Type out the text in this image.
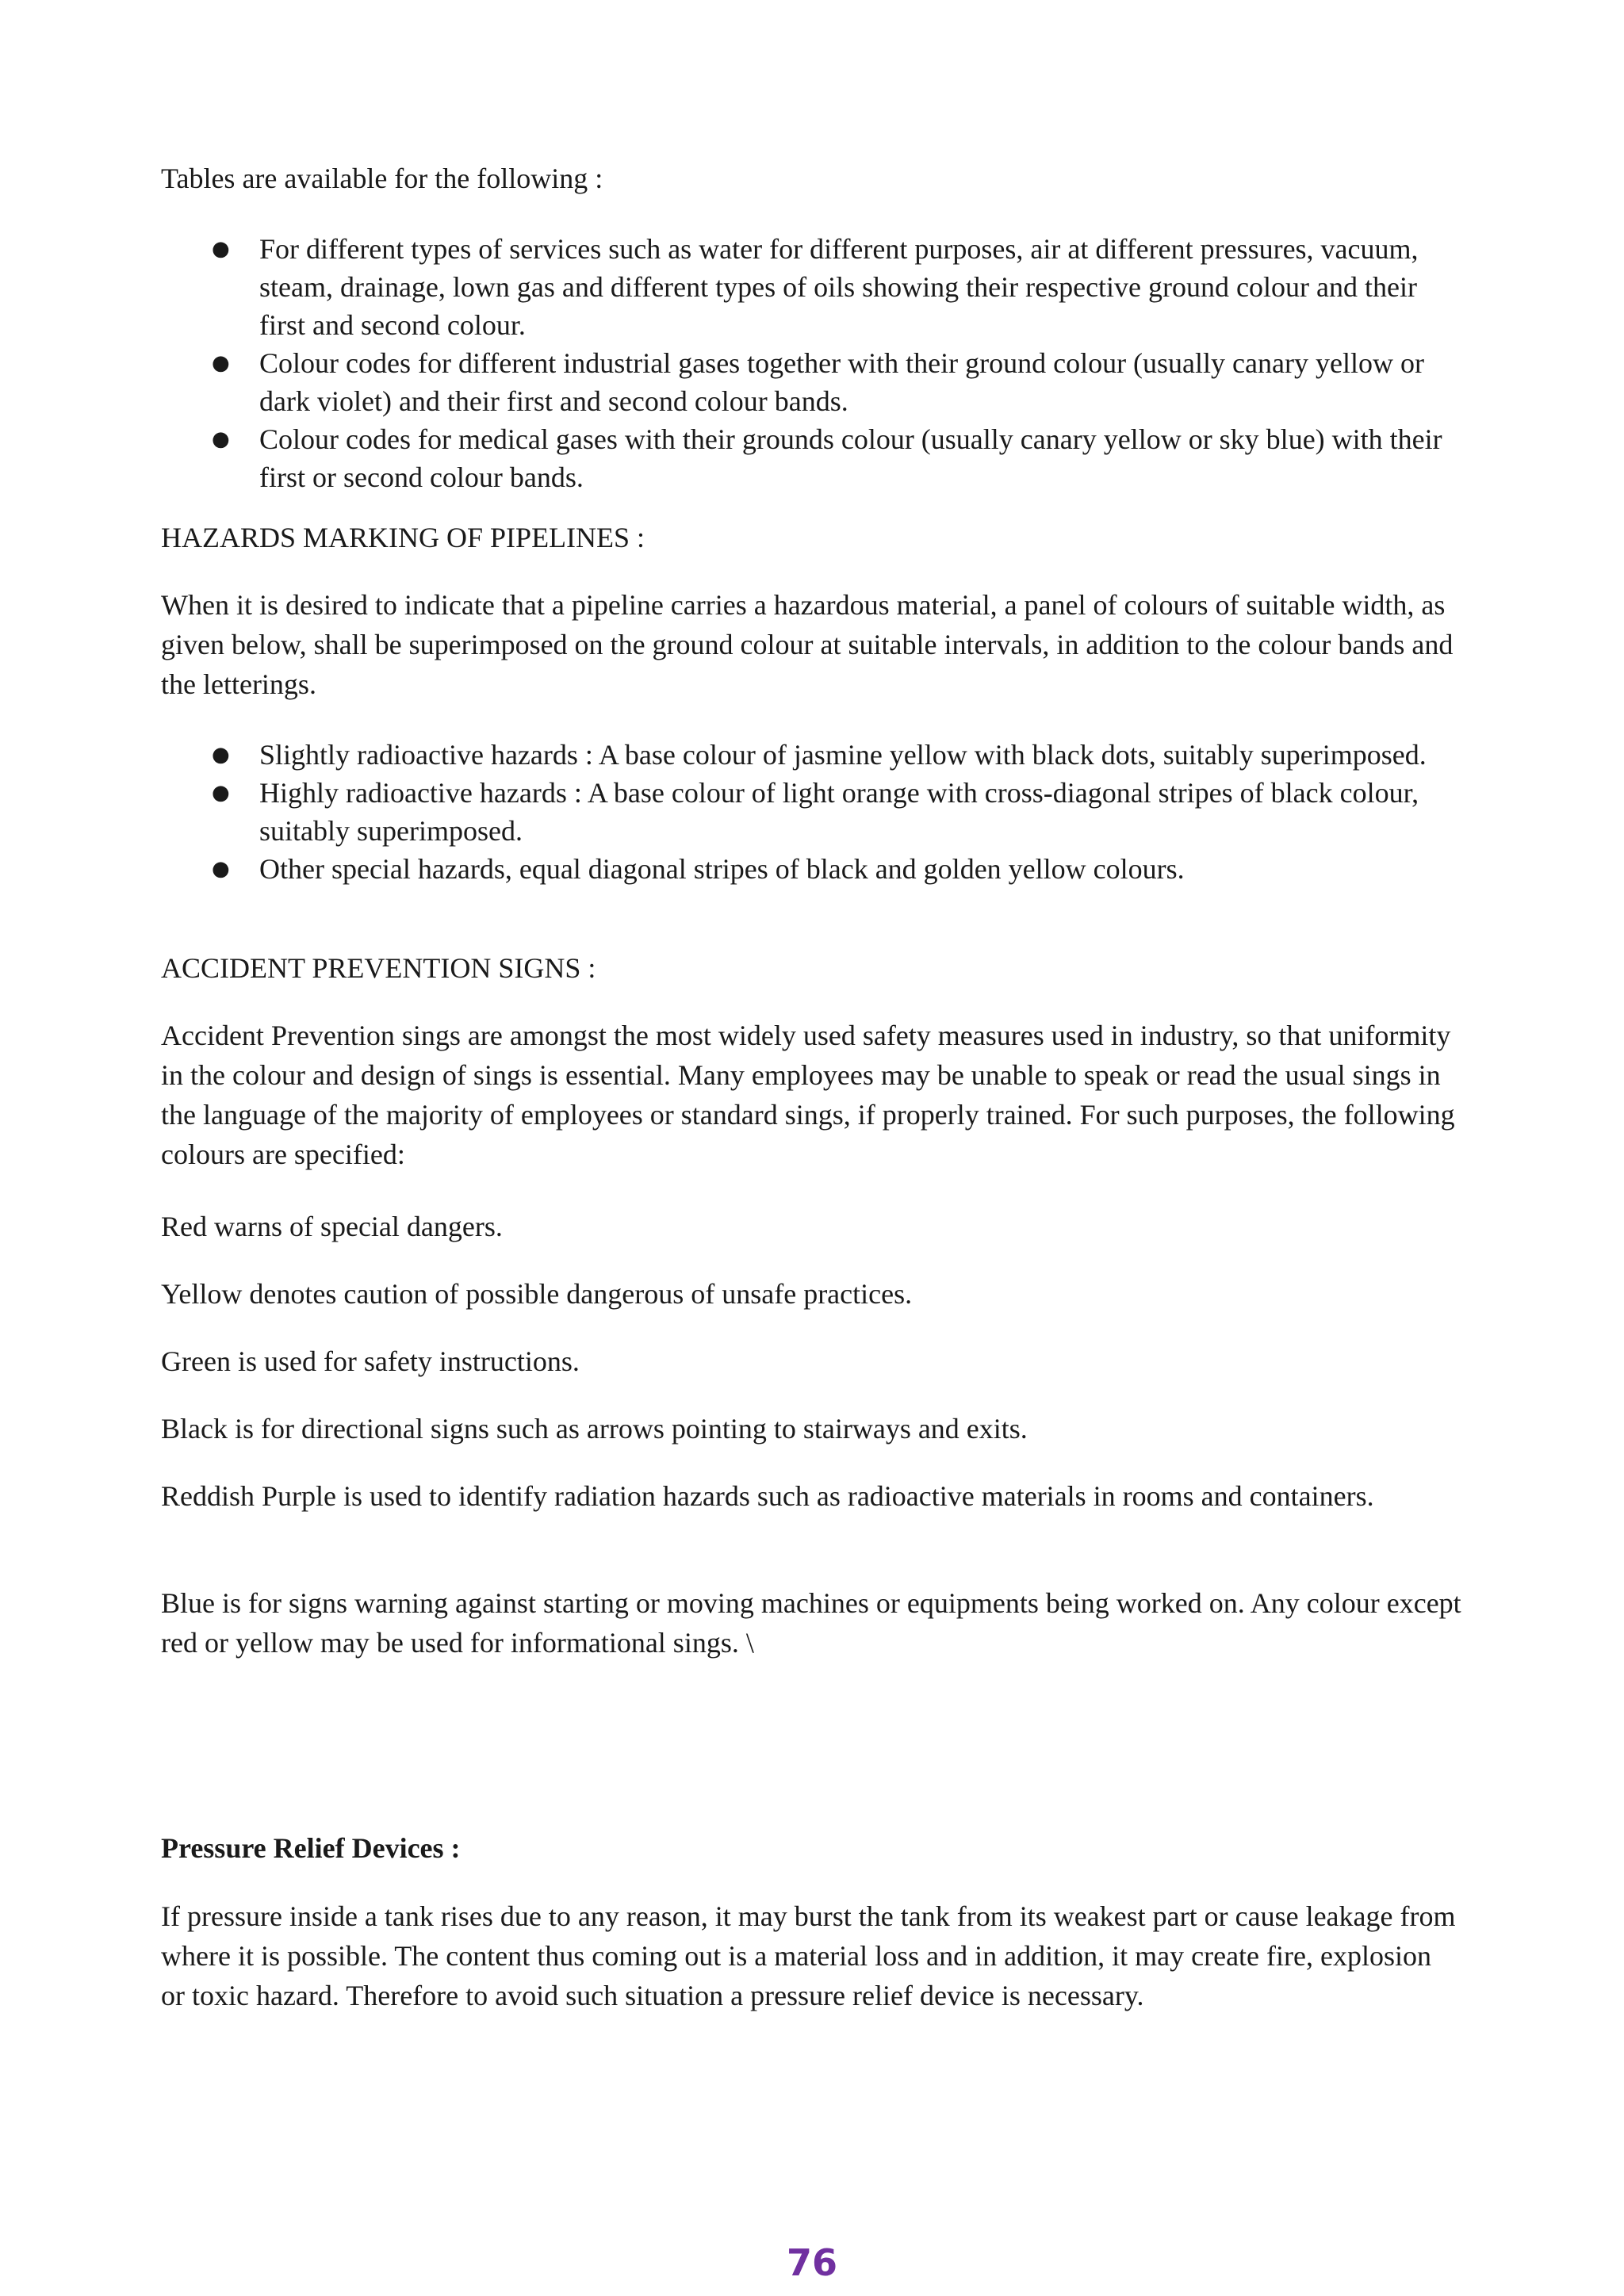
Tables are available for the following :

● For different types of services such as water for different purposes, air at different pressures, vacuum, steam, drainage, lown gas and different types of oils showing their respective ground colour and their first and second colour.
● Colour codes for different industrial gases together with their ground colour (usually canary yellow or dark violet) and their first and second colour bands.
● Colour codes for medical gases with their grounds colour (usually canary yellow or sky blue) with their first or second colour bands.

HAZARDS MARKING OF PIPELINES :

When it is desired to indicate that a pipeline carries a hazardous material, a panel of colours of suitable width, as given below, shall be superimposed on the ground colour at suitable intervals, in addition to the colour bands and the letterings.

● Slightly radioactive hazards : A base colour of jasmine yellow with black dots, suitably superimposed.
● Highly radioactive hazards : A base colour of light orange with cross-diagonal stripes of black colour, suitably superimposed.
● Other special hazards, equal diagonal stripes of black and golden yellow colours.

ACCIDENT PREVENTION SIGNS :

Accident Prevention sings are amongst the most widely used safety measures used in industry, so that uniformity in the colour and design of sings is essential. Many employees may be unable to speak or read the usual sings in the language of the majority of employees or standard sings, if properly trained. For such purposes, the following colours are specified:

Red warns of special dangers.

Yellow denotes caution of possible dangerous of unsafe practices.

Green is used for safety instructions.

Black is for directional signs such as arrows pointing to stairways and exits.

Reddish Purple is used to identify radiation hazards such as radioactive materials in rooms and containers.

Blue is for signs warning against starting or moving machines or equipments being worked on. Any colour except red or yellow may be used for informational sings. \

Pressure Relief Devices :

If pressure inside a tank rises due to any reason, it may burst the tank from its weakest part or cause leakage from where it is possible. The content thus coming out is a material loss and in addition, it may create fire, explosion or toxic hazard. Therefore to avoid such situation a pressure relief device is necessary.

76
